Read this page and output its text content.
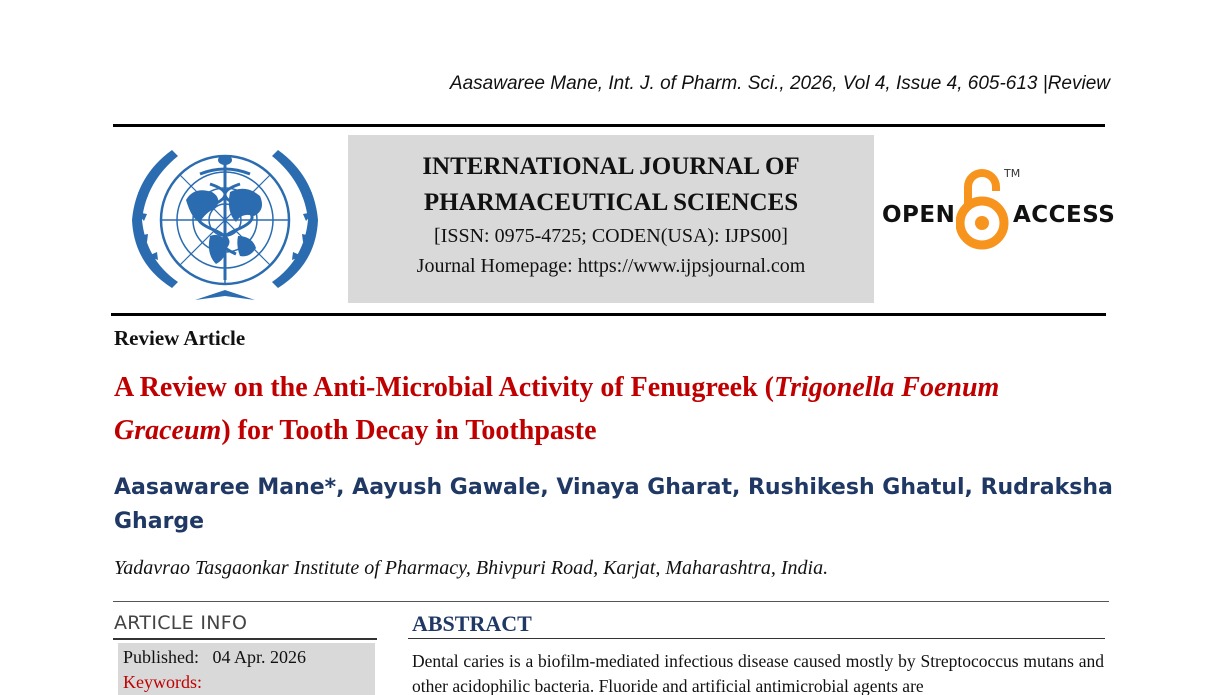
Aasawaree Mane, Int. J. of Pharm. Sci., 2026, Vol 4, Issue 4, 605-613 |Review
INTERNATIONAL JOURNAL OF
PHARMACEUTICAL SCIENCES
[ISSN: 0975-4725; CODEN(USA): IJPS00]
Journal Homepage: https://www.ijpsjournal.com
OPEN
TM
ACCESS
Review Article
A Review on the Anti-Microbial Activity of Fenugreek (Trigonella Foenum Graceum) for Tooth Decay in Toothpaste
Aasawaree Mane*, Aayush Gawale, Vinaya Gharat, Rushikesh Ghatul, Rudraksha Gharge
Yadavrao Tasgaonkar Institute of Pharmacy, Bhivpuri Road, Karjat, Maharashtra, India.
ARTICLE INFO
Published: 04 Apr. 2026
Keywords:
ABSTRACT
Dental caries is a biofilm-mediated infectious disease caused mostly by Streptococcus mutans and other acidophilic bacteria. Fluoride and artificial antimicrobial agents are
